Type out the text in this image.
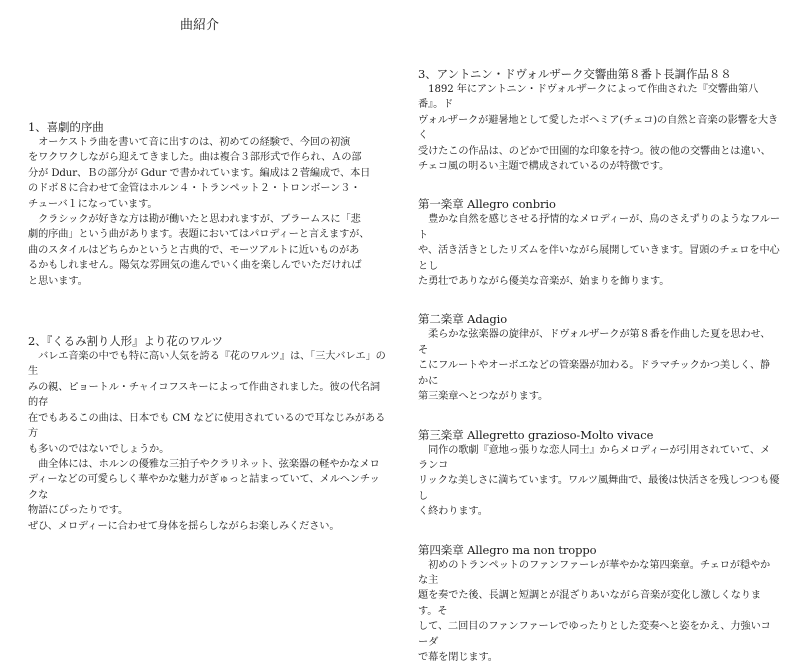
曲紹介
1、喜劇的序曲

　オーケストラ曲を書いて音に出すのは、初めての経験で、今回の初演

をワクワクしながら迎えてきました。曲は複合３部形式で作られ、Ａの部

分が Ddur、Ｂの部分が Gdur で書かれています。編成は２菅編成で、本日

のドボ８に合わせて金管はホルン４・トランペット２・トロンボーン３・

チューバ１になっています。

　クラシックが好きな方は勘が働いたと思われますが、ブラームスに「悲

劇的序曲」という曲があります。表題においてはパロディーと言えますが、

曲のスタイルはどちらかというと古典的で、モーツアルトに近いものがあ

るかもしれません。陽気な雰囲気の進んでいく曲を楽しんでいただければ

と思います。

2、『くるみ割り人形』より花のワルツ

　バレエ音楽の中でも特に高い人気を誇る『花のワルツ』は、「三大バレエ」の生

みの親、ピョートル・チャイコフスキーによって作曲されました。彼の代名詞的存

在でもあるこの曲は、日本でも CM などに使用されているので耳なじみがある方

も多いのではないでしょうか。

　曲全体には、ホルンの優雅な三拍子やクラリネット、弦楽器の軽やかなメロ

ディーなどの可愛らしく華やかな魅力がぎゅっと詰まっていて、メルヘンチックな

物語にぴったりです。

ぜひ、メロディーに合わせて身体を揺らしながらお楽しみください。

3、アントニン・ドヴォルザーク交響曲第８番ト長調作品８８

　1892 年にアントニン・ドヴォルザークによって作曲された『交響曲第八番』。ド

ヴォルザークが避暑地として愛したボヘミア(チェコ)の自然と音楽の影響を大きく

受けたこの作品は、のどかで田園的な印象を持つ。彼の他の交響曲とは違い、

チェコ風の明るい主題で構成されているのが特徴です。

第一楽章 Allegro conbrio

　豊かな自然を感じさせる抒情的なメロディーが、鳥のさえずりのようなフルート

や、活き活きとしたリズムを伴いながら展開していきます。冒頭のチェロを中心とし

た勇壮でありながら優美な音楽が、始まりを飾ります。

第二楽章 Adagio

　柔らかな弦楽器の旋律が、ドヴォルザークが第８番を作曲した夏を思わせ、そ

こにフルートやオーボエなどの管楽器が加わる。ドラマチックかつ美しく、静かに

第三楽章へとつながります。

第三楽章 Allegretto grazioso-Molto vivace

　同作の歌劇『意地っ張りな恋人同士』からメロディーが引用されていて、メランコ

リックな美しさに満ちています。ワルツ風舞曲で、最後は快活さを残しつつも優し

く終わります。

第四楽章 Allegro ma non troppo

　初めのトランペットのファンファーレが華やかな第四楽章。チェロが穏やかな主

題を奏でた後、長調と短調とが混ざりあいながら音楽が変化し激しくなります。そ

して、二回目のファンファーレでゆったりとした変奏へと姿をかえ、力強いコーダ

で幕を閉じます。
